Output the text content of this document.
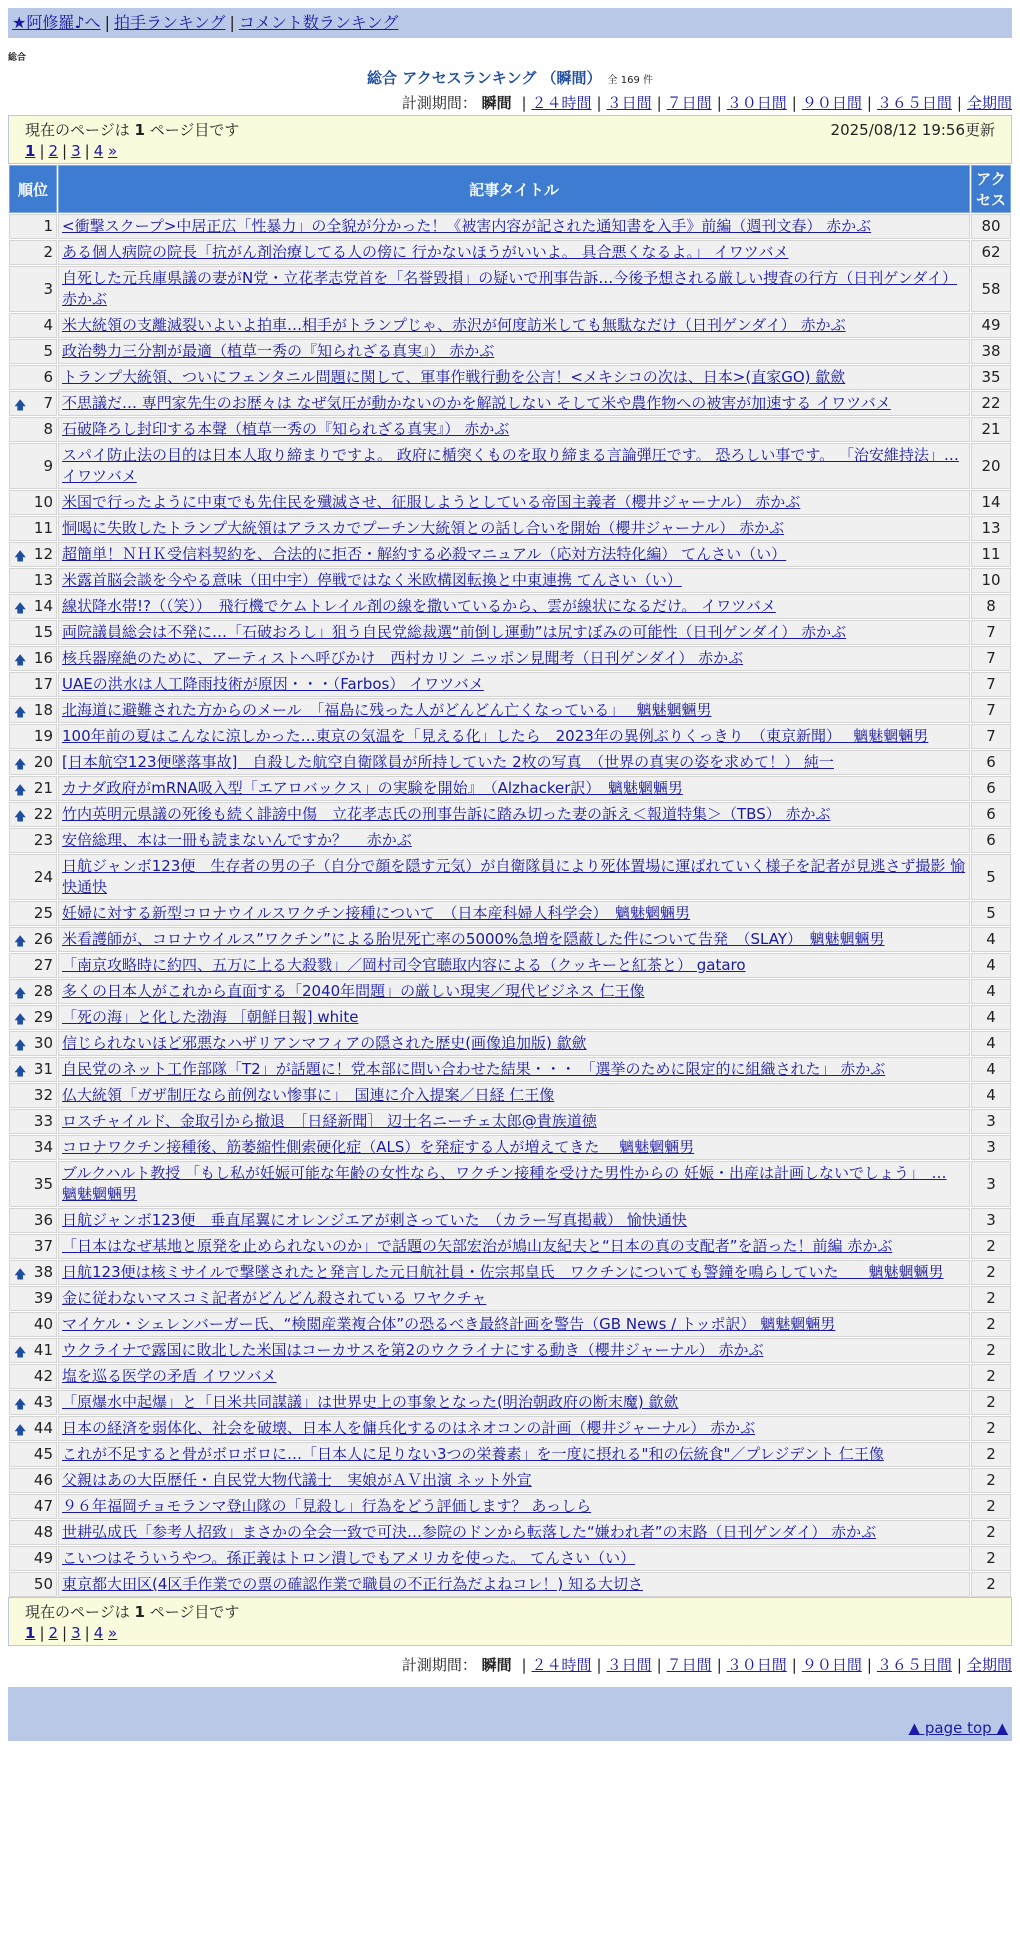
★阿修羅♪へ | 拍手ランキング | コメント数ランキング
総合
総合 アクセスランキング （瞬間） 全 169 件
計測期間： 瞬間 | ２４時間 | ３日間 | ７日間 | ３０日間 | ９０日間 | ３６５日間 | 全期間
現在のページは 1 ページ目です	2025/08/12 19:56更新
1 | 2 | 3 | 4 »
順位	記事タイトル	アクセス
1	<衝撃スクープ>中居正広「性暴力」の全貌が分かった！《被害内容が記された通知書を入手》前編（週刊文春） 赤かぶ	80
2	ある個人病院の院長「抗がん剤治療してる人の傍に 行かないほうがいいよ。 具合悪くなるよ。」 イワツバメ	62
3	自死した元兵庫県議の妻がN党・立花孝志党首を「名誉毀損」の疑いで刑事告訴…今後予想される厳しい捜査の行方（日刊ゲンダイ） 赤かぶ	58
4	米大統領の支離滅裂いよいよ拍車…相手がトランプじゃ、赤沢が何度訪米しても無駄なだけ（日刊ゲンダイ） 赤かぶ	49
5	政治勢力三分割が最適（植草一秀の『知られざる真実』） 赤かぶ	38
6	トランプ大統領、ついにフェンタニル問題に関して、軍事作戦行動を公言！<メキシコの次は、日本>(直家GO) 歙歛	35

🡅 7	不思議だ… 専門家先生のお歴々は なぜ気圧が動かないのかを解説しない そして米や農作物への被害が加速する イワツバメ	22
8	石破降ろし封印する本聲（植草一秀の『知られざる真実』） 赤かぶ	21
9	スパイ防止法の目的は日本人取り締まりですよ。 政府に楯突くものを取り締まる言論弾圧です。 恐ろしい事です。 「治安維持法」… イワツバメ	20
10	米国で行ったように中東でも先住民を殲滅させ、征服しようとしている帝国主義者（櫻井ジャーナル） 赤かぶ	14
11	恫喝に失敗したトランプ大統領はアラスカでプーチン大統領との話し合いを開始（櫻井ジャーナル） 赤かぶ	13

🡅 12	超簡単！ＮＨＫ受信料契約を、合法的に拒否・解約する必殺マニュアル（応対方法特化編） てんさい（い）	11
13	米露首脳会談を今やる意味（田中宇）停戦ではなく米欧構図転換と中東連携 てんさい（い）	10

🡅 14	線状降水帯!?（（笑））　飛行機でケムトレイル剤の線を撒いているから、雲が線状になるだけ。 イワツバメ	8
15	両院議員総会は不発に…「石破おろし」狙う自民党総裁選“前倒し運動”は尻すぼみの可能性（日刊ゲンダイ） 赤かぶ	7

🡅 16	核兵器廃絶のために、アーティストへ呼びかけ　西村カリン ニッポン見聞考（日刊ゲンダイ） 赤かぶ	7
17	UAEの洪水は人工降雨技術が原因・・・（Farbos） イワツバメ	7

🡅 18	北海道に避難された方からのメール　「福島に残った人がどんどん亡くなっている」　 魑魅魍魎男	7
19	100年前の夏はこんなに涼しかった…東京の気温を「見える化」したら　2023年の異例ぶりくっきり　（東京新聞）　 魑魅魍魎男	7

🡅 20	[日本航空123便墜落事故]　自殺した航空自衛隊員が所持していた 2枚の写真　（世界の真実の姿を求めて！） 純一	6

🡅 21	カナダ政府がmRNA吸入型「エアロバックス」の実験を開始』　（Alzhacker訳）　魑魅魍魎男	6

🡅 22	竹内英明元県議の死後も続く誹謗中傷　立花孝志氏の刑事告訴に踏み切った妻の訴え＜報道特集＞（TBS） 赤かぶ	6
23	安倍総理、本は一冊も読まないんですか？　 赤かぶ	6
24	日航ジャンボ123便　生存者の男の子（自分で顔を隠す元気）が自衛隊員により死体置場に運ばれていく様子を記者が見逃さず撮影 愉快通快	5
25	妊婦に対する新型コロナウイルスワクチン接種について　（日本産科婦人科学会）　魑魅魍魎男	5

🡅 26	米看護師が、コロナウイルス”ワクチン”による胎児死亡率の5000%急増を隠蔽した件について告発　（SLAY）　魑魅魍魎男	4
27	「南京攻略時に約四、五万に上る大殺戮」／岡村司令官聴取内容による（クッキーと紅茶と） gataro	4

🡅 28	多くの日本人がこれから直面する「2040年問題」の厳しい現実／現代ビジネス 仁王像	4

🡅 29	「死の海」と化した渤海 ［朝鮮日報] white	4

🡅 30	信じられないほど邪悪なハザリアンマフィアの隠された歴史(画像追加版) 歙歛	4

🡅 31	自民党のネット工作部隊「T2」が話題に！党本部に問い合わせた結果・・・ 「選挙のために限定的に組織された」 赤かぶ	4
32	仏大統領「ガザ制圧なら前例ない惨事に」　国連に介入提案／日経 仁王像	4
33	ロスチャイルド、金取引から撤退　［日経新聞］ 辺士名ニーチェ太郎@貴族道徳	3
34	コロナワクチン接種後、筋萎縮性側索硬化症（ALS）を発症する人が増えてきた　 魑魅魍魎男	3
35	ブルクハルト教授 「もし私が妊娠可能な年齢の女性なら、ワクチン接種を受けた男性からの 妊娠・出産は計画しないでしょう」　… 魑魅魍魎男	3
36	日航ジャンボ123便　垂直尾翼にオレンジエアが刺さっていた　（カラー写真掲載） 愉快通快	3
37	「日本はなぜ基地と原発を止められないのか」で話題の矢部宏治が鳩山友紀夫と“日本の真の支配者”を語った！前編 赤かぶ	2

🡅 38	日航123便は核ミサイルで撃墜されたと発言した元日航社員・佐宗邦皇氏　ワクチンについても警鐘を鳴らしていた　　魑魅魍魎男	2
39	金に従わないマスコミ記者がどんどん殺されている ワヤクチャ	2
40	マイケル・シェレンバーガー氏、“検閲産業複合体”の恐るべき最終計画を警告（GB News / トッポ訳） 魑魅魍魎男	2

🡅 41	ウクライナで露国に敗北した米国はコーカサスを第2のウクライナにする動き（櫻井ジャーナル） 赤かぶ	2
42	塩を巡る医学の矛盾 イワツバメ	2

🡅 43	「原爆水中起爆」と「日米共同謀議」は世界史上の事象となった(明治朝政府の断末魔) 歙歛	2

🡅 44	日本の経済を弱体化、社会を破壊、日本人を傭兵化するのはネオコンの計画（櫻井ジャーナル） 赤かぶ	2
45	これが不足すると骨がボロボロに…「日本人に足りない3つの栄養素」を一度に摂れる"和の伝統食"／プレジデント 仁王像	2
46	父親はあの大臣歴任・自民党大物代議士　実娘がＡＶ出演 ネット外宣	2
47	９６年福岡チョモランマ登山隊の「見殺し」行為をどう評価します？ あっしら	2
48	世耕弘成氏「参考人招致」まさかの全会一致で可決…参院のドンから転落した“嫌われ者”の末路（日刊ゲンダイ） 赤かぶ	2
49	こいつはそういうやつ。孫正義はトロン潰しでもアメリカを使った。 てんさい（い）	2
50	東京都大田区(4区手作業での票の確認作業で職員の不正行為だよねコレ！) 知る大切さ	2
現在のページは 1 ページ目です
1 | 2 | 3 | 4 »
計測期間： 瞬間 | ２４時間 | ３日間 | ７日間 | ３０日間 | ９０日間 | ３６５日間 | 全期間
▲ page top ▲
